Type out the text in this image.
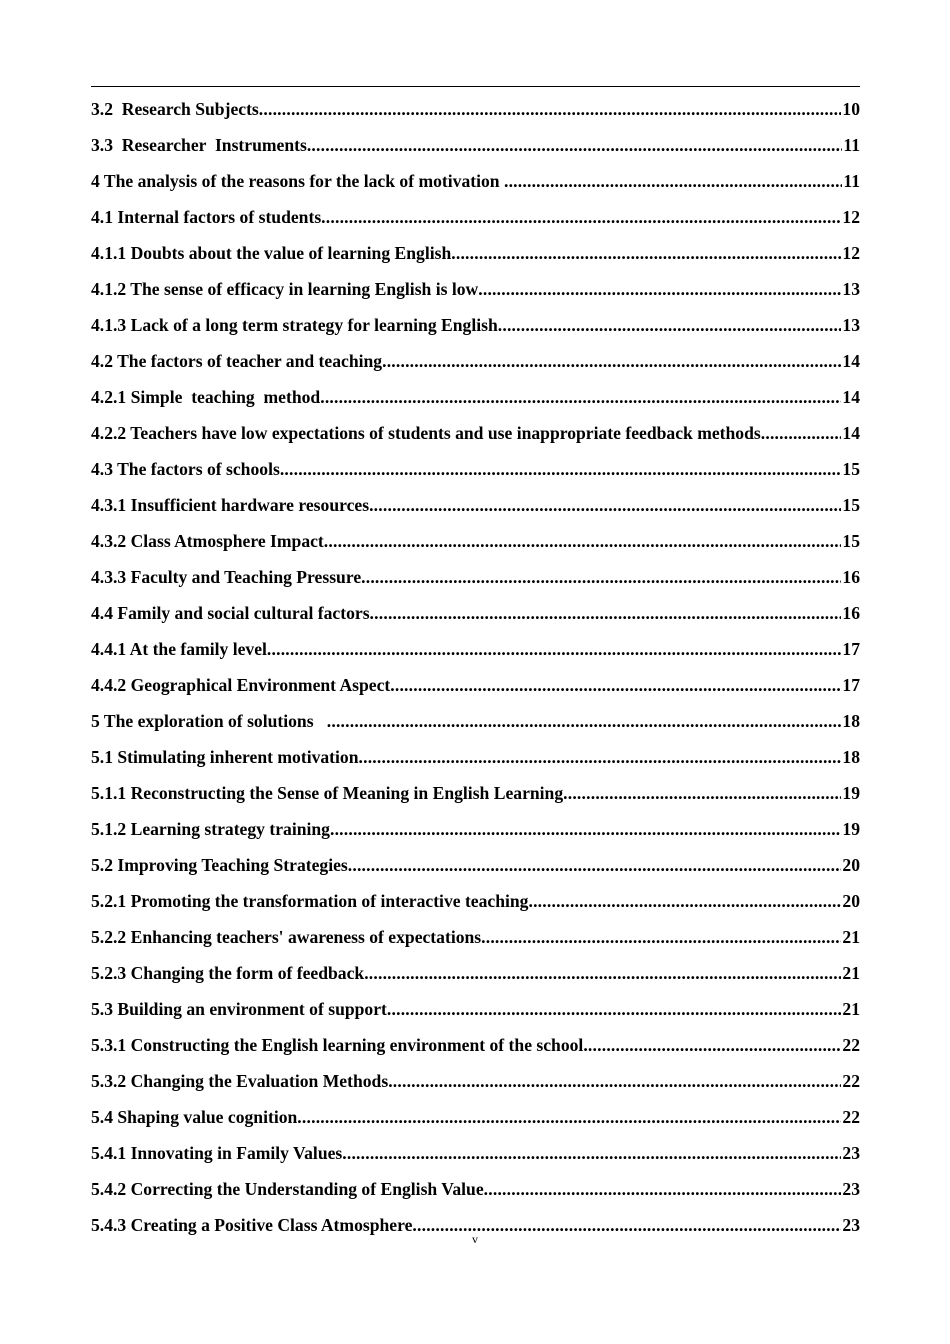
3.2  Research Subjects .....	10
3.3  Researcher  Instruments .....	11
4 The analysis of the reasons for the lack of motivation .....	11
4.1 Internal factors of students .....	12
4.1.1 Doubts about the value of learning English .....	12
4.1.2 The sense of efficacy in learning English is low .....	13
4.1.3 Lack of a long term strategy for learning English .....	13
4.2 The factors of teacher and teaching .....	14
4.2.1 Simple  teaching  method .....	14
4.2.2 Teachers have low expectations of students and use inappropriate feedback methods .....	14
4.3 The factors of schools .....	15
4.3.1 Insufficient hardware resources .....	15
4.3.2 Class Atmosphere Impact .....	15
4.3.3 Faculty and Teaching Pressure .....	16
4.4 Family and social cultural factors .....	16
4.4.1 At the family level .....	17
4.4.2 Geographical Environment Aspect .....	17
5 The exploration of solutions .....	18
5.1 Stimulating inherent motivation .....	18
5.1.1 Reconstructing the Sense of Meaning in English Learning .....	19
5.1.2 Learning strategy training .....	19
5.2 Improving Teaching Strategies .....	20
5.2.1 Promoting the transformation of interactive teaching .....	20
5.2.2 Enhancing teachers' awareness of expectations .....	21
5.2.3 Changing the form of feedback .....	21
5.3 Building an environment of support .....	21
5.3.1 Constructing the English learning environment of the school .....	22
5.3.2 Changing the Evaluation Methods .....	22
5.4 Shaping value cognition .....	22
5.4.1 Innovating in Family Values .....	23
5.4.2 Correcting the Understanding of English Value .....	23
5.4.3 Creating a Positive Class Atmosphere .....	23
v
